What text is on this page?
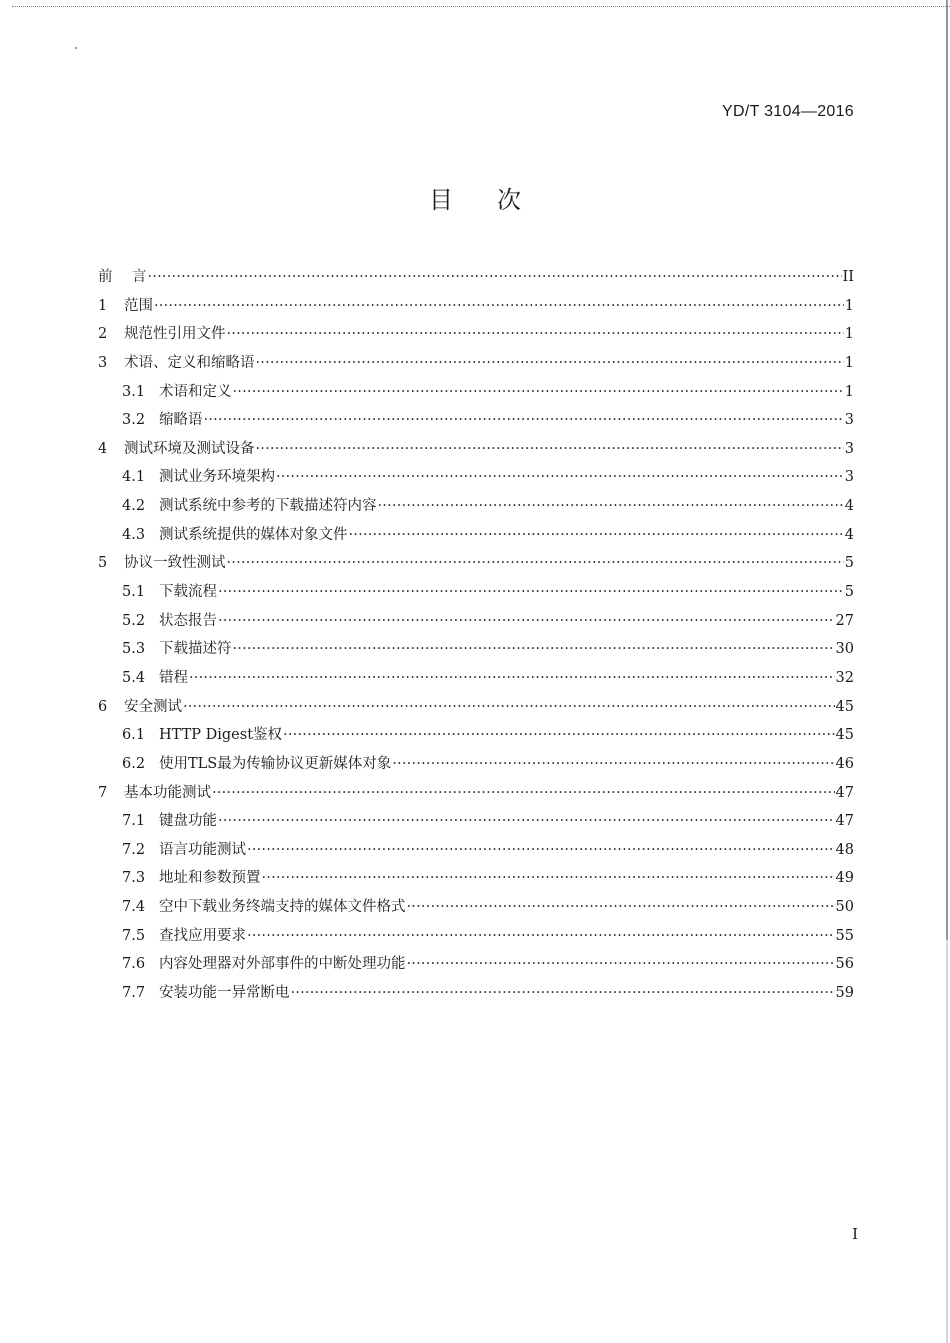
YD/T 3104—2016
目次
前	言 ·····	II
1	范围 ·····	1
2	规范性引用文件 ·····	1
3	术语、定义和缩略语 ·····	1
3.1 术语和定义 ·····	1
3.2 缩略语 ·····	3
4	测试环境及测试设备 ·····	3
4.1 测试业务环境架构 ·····	3
4.2 测试系统中参考的下载描述符内容 ·····	4
4.3 测试系统提供的媒体对象文件 ·····	4
5	协议一致性测试 ·····	5
5.1 下载流程 ·····	5
5.2 状态报告 ·····	27
5.3 下载描述符 ·····	30
5.4 错程 ·····	32
6	安全测试 ·····	45
6.1 HTTP Digest鉴权 ·····	45
6.2 使用TLS最为传输协议更新媒体对象 ·····	46
7	基本功能测试 ·····	47
7.1 键盘功能 ·····	47
7.2 语言功能测试 ·····	48
7.3 地址和参数预置 ·····	49
7.4 空中下载业务终端支持的媒体文件格式 ·····	50
7.5 查找应用要求 ·····	55
7.6 内容处理器对外部事件的中断处理功能 ·····	56
7.7 安装功能一异常断电 ·····	59
I
